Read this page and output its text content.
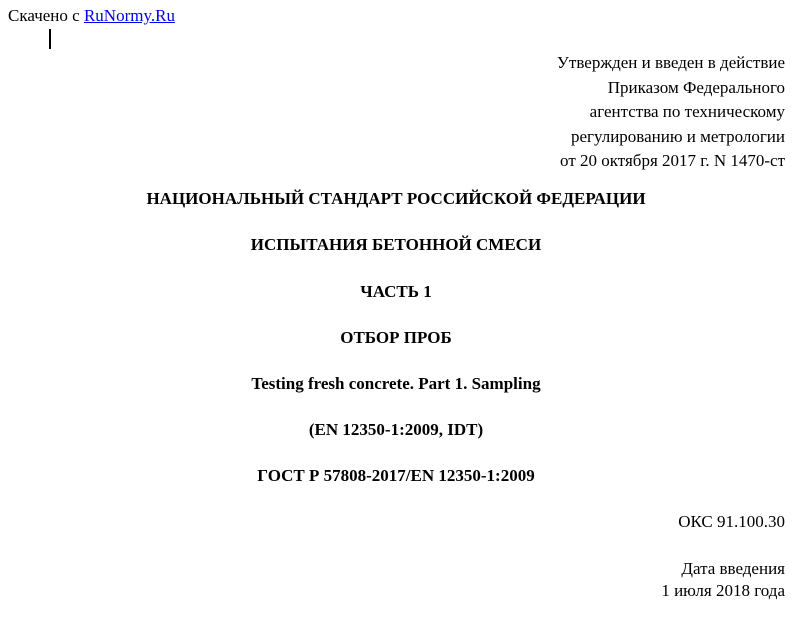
Скачено с RuNormy.Ru
Утвержден и введен в действие
Приказом Федерального
агентства по техническому
регулированию и метрологии
от 20 октября 2017 г. N 1470-ст
НАЦИОНАЛЬНЫЙ СТАНДАРТ РОССИЙСКОЙ ФЕДЕРАЦИИ
ИСПЫТАНИЯ БЕТОННОЙ СМЕСИ
ЧАСТЬ 1
ОТБОР ПРОБ
Testing fresh concrete. Part 1. Sampling
(EN 12350-1:2009, IDT)
ГОСТ Р 57808-2017/EN 12350-1:2009
ОКС 91.100.30
Дата введения
1 июля 2018 года
